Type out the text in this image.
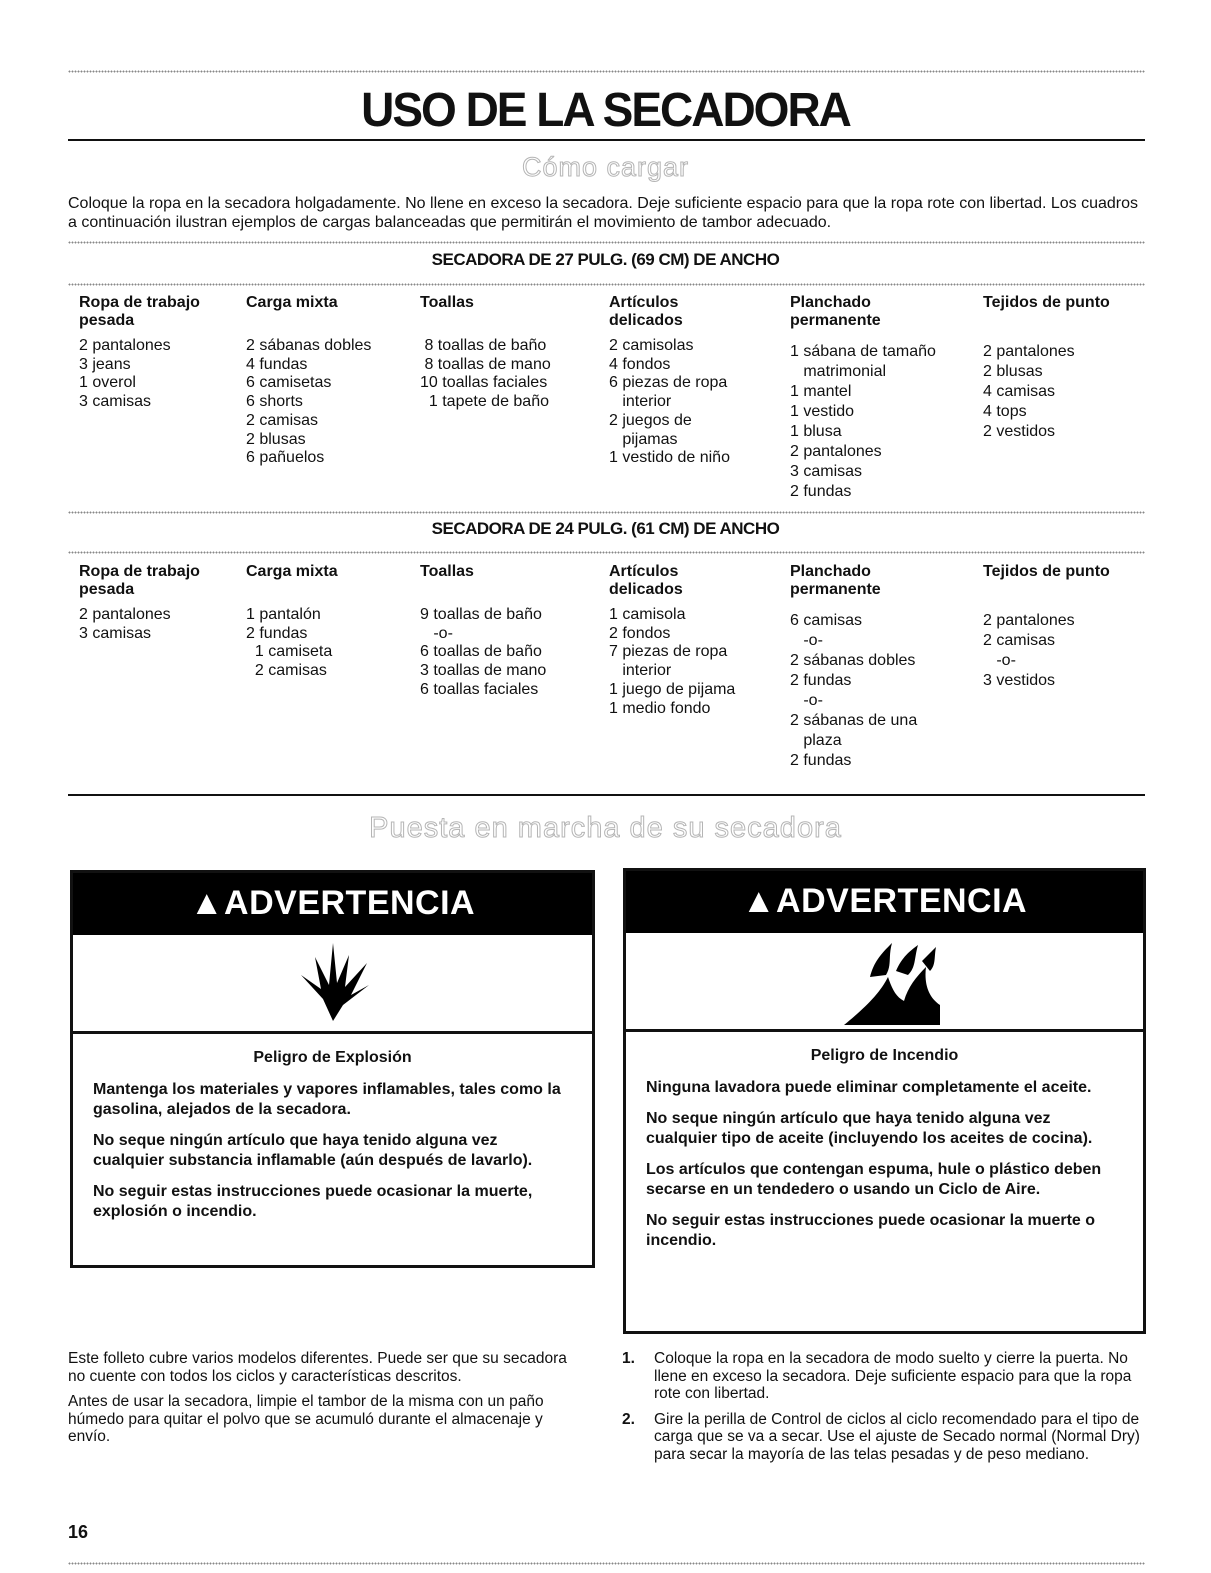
USO DE LA SECADORA
Cómo cargar
Coloque la ropa en la secadora holgadamente. No llene en exceso la secadora. Deje suficiente espacio para que la ropa rote con libertad. Los cuadros a continuación ilustran ejemplos de cargas balanceadas que permitirán el movimiento de tambor adecuado.
SECADORA DE 27 PULG. (69 CM) DE ANCHO
Ropa de trabajo
pesada
2 pantalones
3 jeans
1 overol
3 camisas
Carga mixta
2 sábanas dobles
4 fundas
6 camisetas
6 shorts
2 camisas
2 blusas
6 pañuelos
Toallas
8 toallas de baño
8 toallas de mano
10 toallas faciales
1 tapete de baño
Artículos
delicados
2 camisolas
4 fondos
6 piezas de ropa
interior
2 juegos de
pijamas
1 vestido de niño
Planchado
permanente
1 sábana de tamaño
matrimonial
1 mantel
1 vestido
1 blusa
2 pantalones
3 camisas
2 fundas
Tejidos de punto
2 pantalones
2 blusas
4 camisas
4 tops
2 vestidos
SECADORA DE 24 PULG. (61 CM) DE ANCHO
Ropa de trabajo
pesada
2 pantalones
3 camisas
Carga mixta
1 pantalón
2 fundas
1 camiseta
2 camisas
Toallas
9 toallas de baño
-o-
6 toallas de baño
3 toallas de mano
6 toallas faciales
Artículos
delicados
1 camisola
2 fondos
7 piezas de ropa
interior
1 juego de pijama
1 medio fondo
Planchado
permanente
6 camisas
-o-
2 sábanas dobles
2 fundas
-o-
2 sábanas de una
plaza
2 fundas
Tejidos de punto
2 pantalones
2 camisas
-o-
3 vestidos
Puesta en marcha de su secadora
▲ADVERTENCIA
Peligro de Explosión

Mantenga los materiales y vapores inflamables, tales como la gasolina, alejados de la secadora.

No seque ningún artículo que haya tenido alguna vez cualquier substancia inflamable (aún después de lavarlo).

No seguir estas instrucciones puede ocasionar la muerte, explosión o incendio.

▲ADVERTENCIA
Peligro de Incendio

Ninguna lavadora puede eliminar completamente el aceite.

No seque ningún artículo que haya tenido alguna vez cualquier tipo de aceite (incluyendo los aceites de cocina).

Los artículos que contengan espuma, hule o plástico deben secarse en un tendedero o usando un Ciclo de Aire.

No seguir estas instrucciones puede ocasionar la muerte o incendio.

Este folleto cubre varios modelos diferentes. Puede ser que su secadora no cuente con todos los ciclos y características descritos.

Antes de usar la secadora, limpie el tambor de la misma con un paño húmedo para quitar el polvo que se acumuló durante el almacenaje y envío.

1. Coloque la ropa en la secadora de modo suelto y cierre la puerta. No llene en exceso la secadora. Deje suficiente espacio para que la ropa rote con libertad.
2. Gire la perilla de Control de ciclos al ciclo recomendado para el tipo de carga que se va a secar. Use el ajuste de Secado normal (Normal Dry) para secar la mayoría de las telas pesadas y de peso mediano.
16
